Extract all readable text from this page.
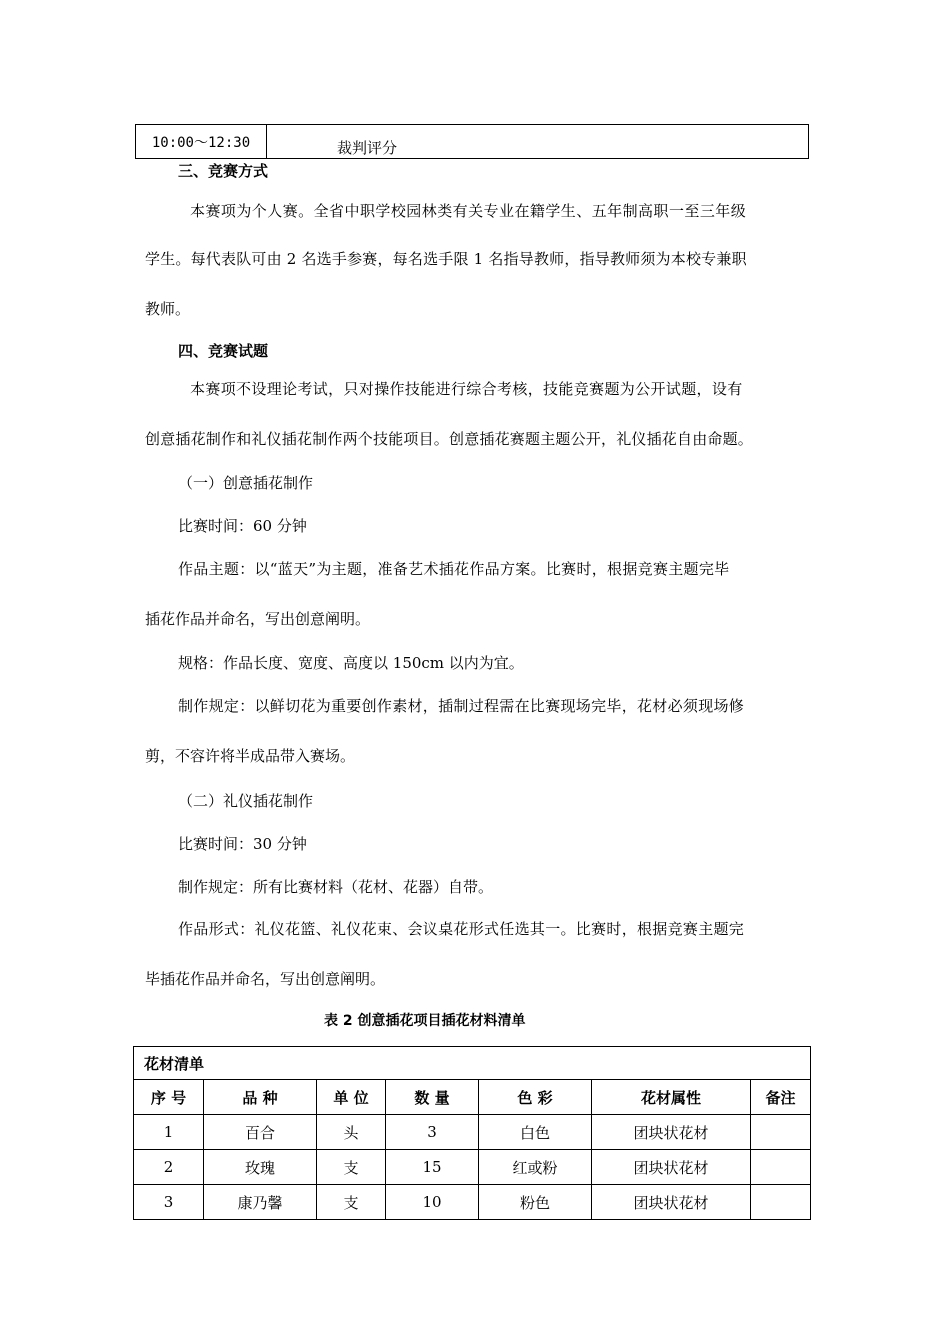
10:00～12:30	裁判评分
三、竞赛方式
本赛项为个人赛。全省中职学校园林类有关专业在籍学生、五年制高职一至三年级
学生。每代表队可由 2 名选手参赛，每名选手限 1 名指导教师，指导教师须为本校专兼职
教师。
四、竞赛试题
本赛项不设理论考试，只对操作技能进行综合考核，技能竞赛题为公开试题，设有
创意插花制作和礼仪插花制作两个技能项目。创意插花赛题主题公开，礼仪插花自由命题。
（一）创意插花制作
比赛时间：60 分钟
作品主题：以“蓝天”为主题，准备艺术插花作品方案。比赛时，根据竞赛主题完毕
插花作品并命名，写出创意阐明。
规格：作品长度、宽度、高度以 150cm 以内为宜。
制作规定：以鲜切花为重要创作素材，插制过程需在比赛现场完毕，花材必须现场修
剪，不容许将半成品带入赛场。
（二）礼仪插花制作
比赛时间：30 分钟
制作规定：所有比赛材料（花材、花器）自带。
作品形式：礼仪花篮、礼仪花束、会议桌花形式任选其一。比赛时，根据竞赛主题完
毕插花作品并命名，写出创意阐明。
表 2 创意插花项目插花材料清单
花材清单						
序 号	品 种	单 位	数 量	色 彩	花材属性	备注
1	百合	头	3	白色	团块状花材	
2	玫瑰	支	15	红或粉	团块状花材	
3	康乃馨	支	10	粉色	团块状花材	
